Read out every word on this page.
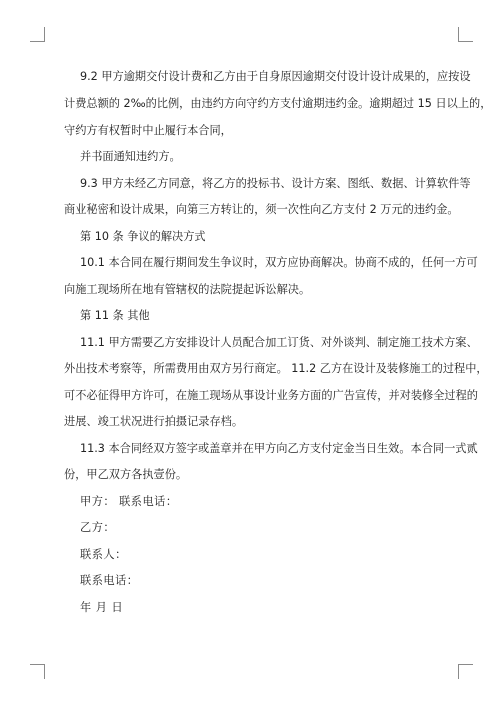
9.2 甲方逾期交付设计费和乙方由于自身原因逾期交付设计设计成果的，应按设
计费总额的 2‰的比例，由违约方向守约方支付逾期违约金。逾期超过 15 日以上的，
守约方有权暂时中止履行本合同，
并书面通知违约方。
9.3 甲方未经乙方同意，将乙方的投标书、设计方案、图纸、数据、计算软件等
商业秘密和设计成果，向第三方转让的，须一次性向乙方支付 2 万元的违约金。
第 10 条 争议的解决方式
10.1 本合同在履行期间发生争议时，双方应协商解决。协商不成的，任何一方可
向施工现场所在地有管辖权的法院提起诉讼解决。
第 11 条 其他
11.1 甲方需要乙方安排设计人员配合加工订货、对外谈判、制定施工技术方案、
外出技术考察等，所需费用由双方另行商定。 11.2 乙方在设计及装修施工的过程中，
可不必征得甲方许可，在施工现场从事设计业务方面的广告宣传，并对装修全过程的
进展、竣工状况进行拍摄记录存档。
11.3 本合同经双方签字或盖章并在甲方向乙方支付定金当日生效。本合同一式贰
份，甲乙双方各执壹份。
甲方： 联系电话：
乙方：
联系人：
联系电话：
年 月 日
